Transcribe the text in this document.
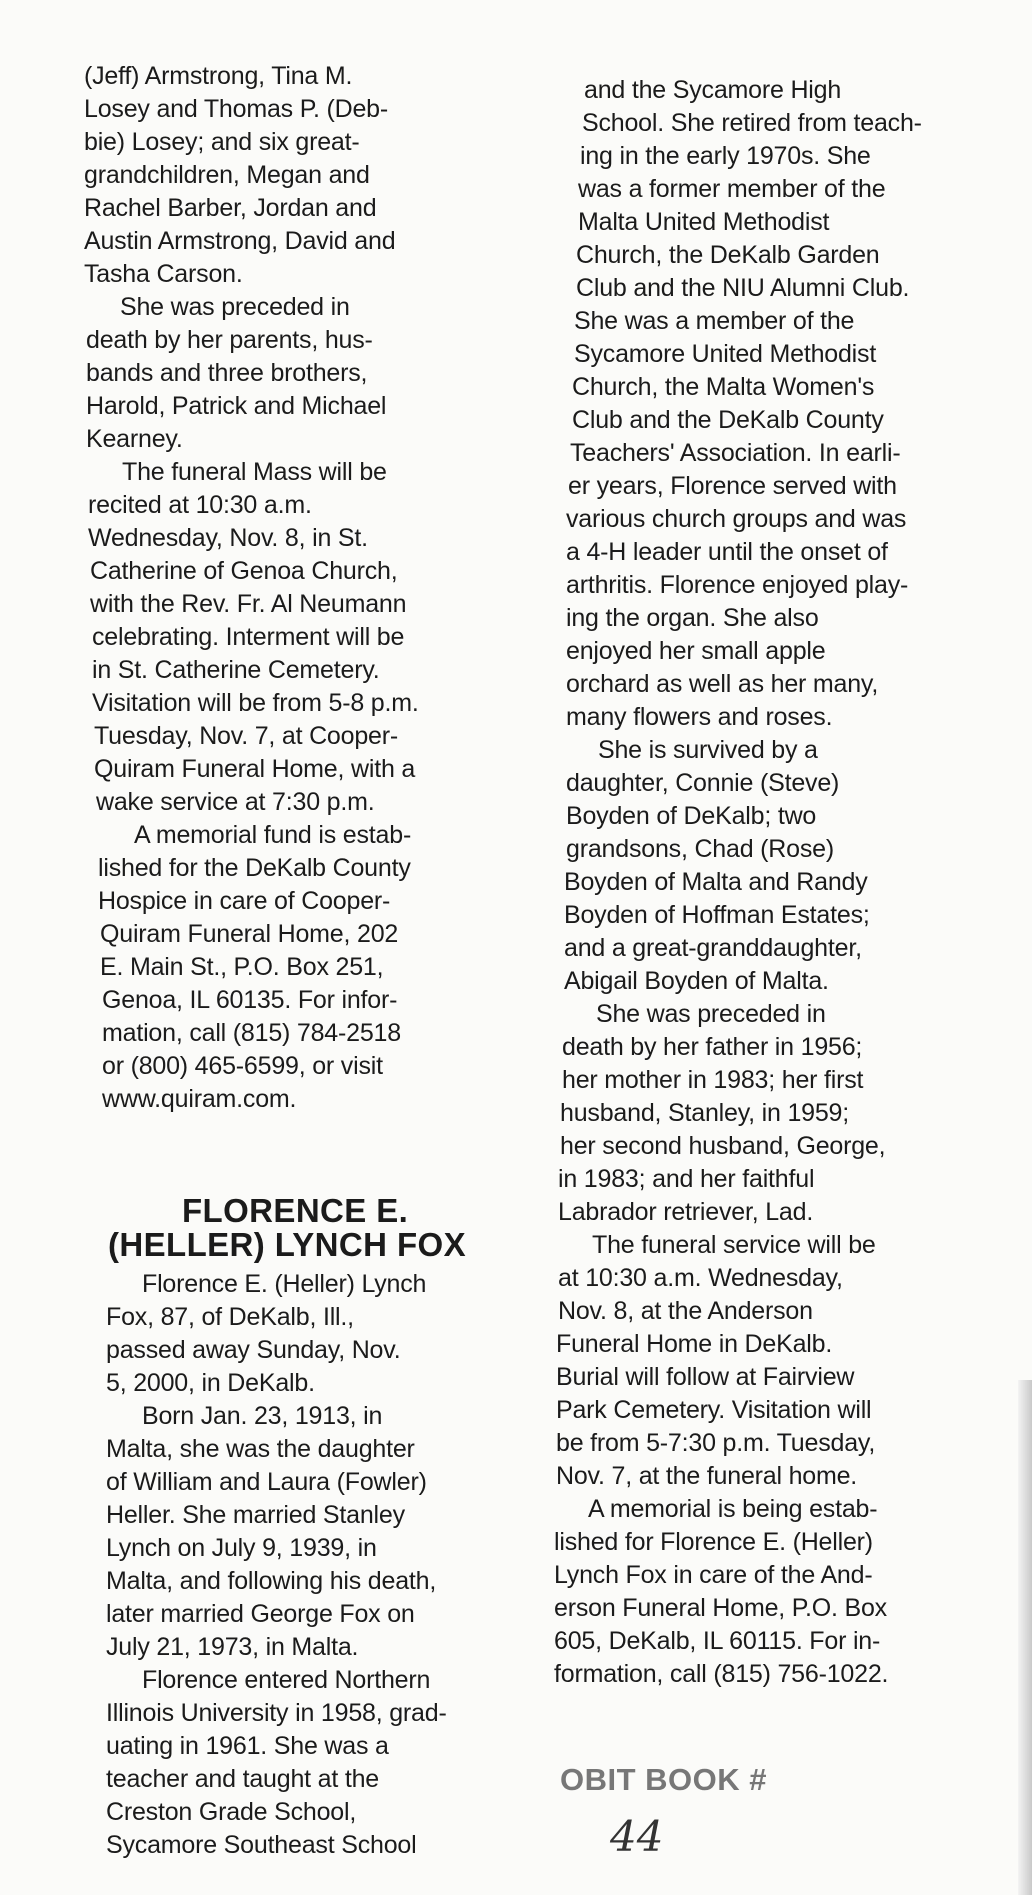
(Jeff) Armstrong, Tina M.
Losey and Thomas P. (Deb-
bie) Losey; and six great-
grandchildren, Megan and
Rachel Barber, Jordan and
Austin Armstrong, David and
Tasha Carson.
She was preceded in
death by her parents, hus-
bands and three brothers,
Harold, Patrick and Michael
Kearney.
The funeral Mass will be
recited at 10:30 a.m.
Wednesday, Nov. 8, in St.
Catherine of Genoa Church,
with the Rev. Fr. Al Neumann
celebrating. Interment will be
in St. Catherine Cemetery.
Visitation will be from 5-8 p.m.
Tuesday, Nov. 7, at Cooper-
Quiram Funeral Home, with a
wake service at 7:30 p.m.
A memorial fund is estab-
lished for the DeKalb County
Hospice in care of Cooper-
Quiram Funeral Home, 202
E. Main St., P.O. Box 251,
Genoa, IL 60135. For infor-
mation, call (815) 784-2518
or (800) 465-6599, or visit
www.quiram.com.
FLORENCE E.
(HELLER) LYNCH FOX
Florence E. (Heller) Lynch
Fox, 87, of DeKalb, Ill.,
passed away Sunday, Nov.
5, 2000, in DeKalb.
Born Jan. 23, 1913, in
Malta, she was the daughter
of William and Laura (Fowler)
Heller. She married Stanley
Lynch on July 9, 1939, in
Malta, and following his death,
later married George Fox on
July 21, 1973, in Malta.
Florence entered Northern
Illinois University in 1958, grad-
uating in 1961. She was a
teacher and taught at the
Creston Grade School,
Sycamore Southeast School
and the Sycamore High
School. She retired from teach-
ing in the early 1970s. She
was a former member of the
Malta United Methodist
Church, the DeKalb Garden
Club and the NIU Alumni Club.
She was a member of the
Sycamore United Methodist
Church, the Malta Women's
Club and the DeKalb County
Teachers' Association. In earli-
er years, Florence served with
various church groups and was
a 4-H leader until the onset of
arthritis. Florence enjoyed play-
ing the organ. She also
enjoyed her small apple
orchard as well as her many,
many flowers and roses.
She is survived by a
daughter, Connie (Steve)
Boyden of DeKalb; two
grandsons, Chad (Rose)
Boyden of Malta and Randy
Boyden of Hoffman Estates;
and a great-granddaughter,
Abigail Boyden of Malta.
She was preceded in
death by her father in 1956;
her mother in 1983; her first
husband, Stanley, in 1959;
her second husband, George,
in 1983; and her faithful
Labrador retriever, Lad.
The funeral service will be
at 10:30 a.m. Wednesday,
Nov. 8, at the Anderson
Funeral Home in DeKalb.
Burial will follow at Fairview
Park Cemetery. Visitation will
be from 5-7:30 p.m. Tuesday,
Nov. 7, at the funeral home.
A memorial is being estab-
lished for Florence E. (Heller)
Lynch Fox in care of the And-
erson Funeral Home, P.O. Box
605, DeKalb, IL 60115. For in-
formation, call (815) 756-1022.
OBIT BOOK #
44
